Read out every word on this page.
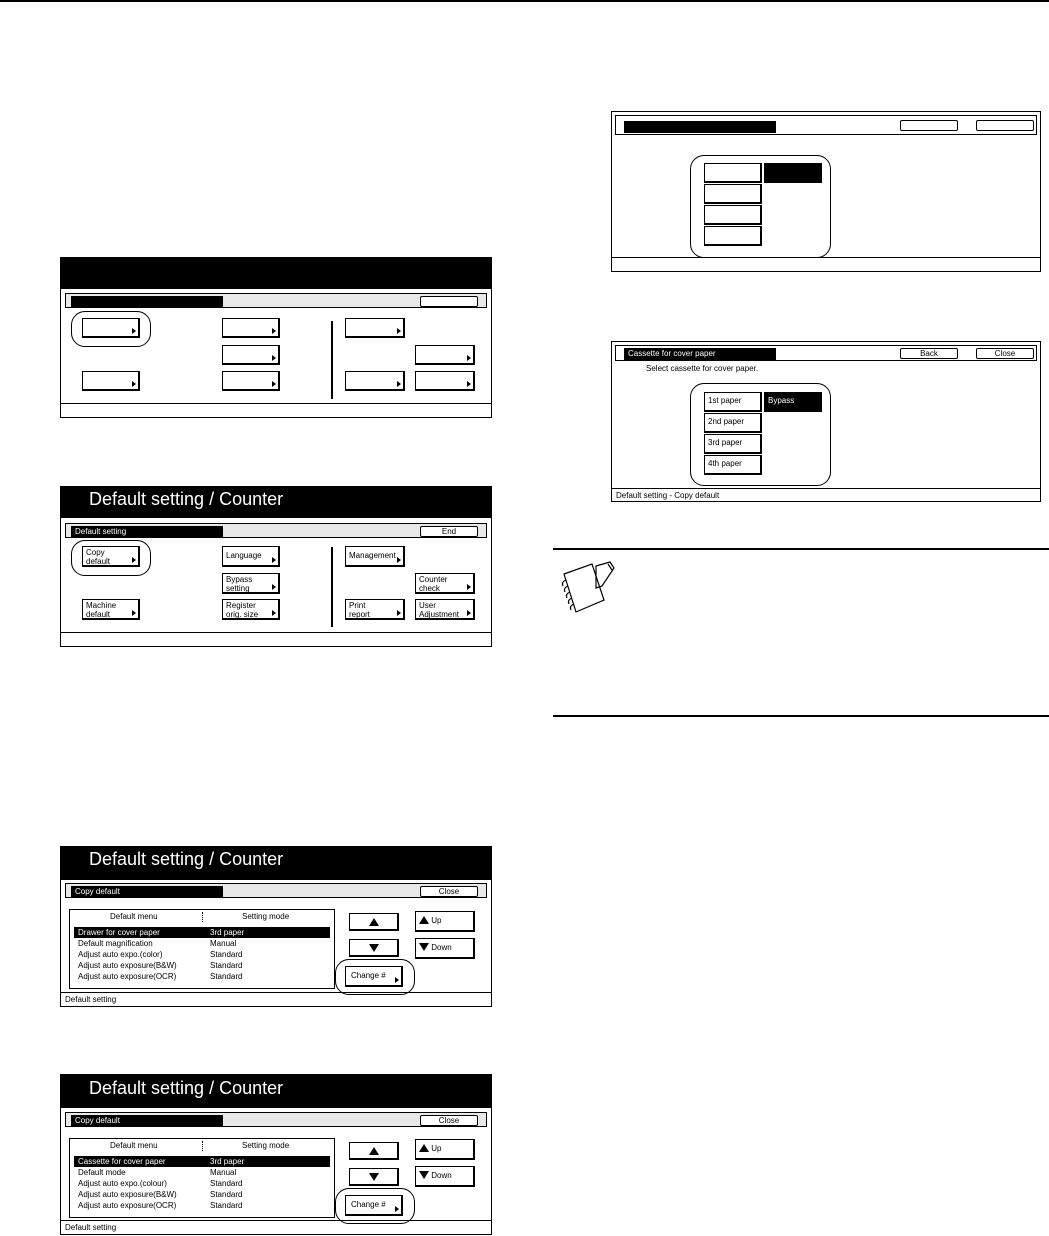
Default setting / Counter
Default setting	End
Copy default
Machine default
Language
Bypass setting
Register orig. size
Management
Counter check
Print report
User Adjustment
Default setting / Counter
Copy default	Close
Default menu	Setting mode
Drawer for cover paper	3rd paper
Default magnification	Manual
Adjust auto expo.(color)	Standard
Adjust auto exposure(B&W)	Standard
Adjust auto exposure(OCR)	Standard
Up
Down
Change #
Default setting
Default setting / Counter
Copy default	Close
Default menu	Setting mode
Cassette for cover paper	3rd paper
Default mode	Manual
Adjust auto expo.(colour)	Standard
Adjust auto exposure(B&W)	Standard
Adjust auto exposure(OCR)	Standard
Up
Down
Change #
Default setting
Cassette for cover paper	Back	Close
Select cassette for cover paper.
1st paper
2nd paper
3rd paper
4th paper
Bypass
Default setting - Copy default
